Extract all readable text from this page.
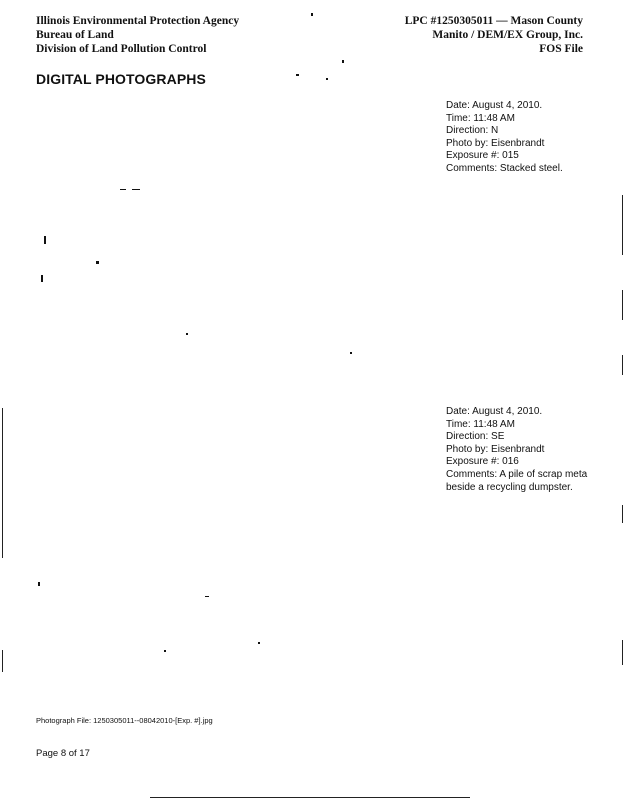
Illinois Environmental Protection Agency
Bureau of Land
Division of Land Pollution Control
LPC #1250305011 — Mason County
Manito / DEM/EX Group, Inc.
FOS File
DIGITAL PHOTOGRAPHS
Date: August 4, 2010.
Time: 11:48 AM
Direction: N
Photo by: Eisenbrandt
Exposure #: 015
Comments: Stacked steel.
Date: August 4, 2010.
Time: 11:48 AM
Direction: SE
Photo by: Eisenbrandt
Exposure #: 016
Comments: A pile of scrap meta beside a recycling dumpster.
Photograph File: 1250305011--08042010-[Exp. #].jpg
Page 8 of 17
